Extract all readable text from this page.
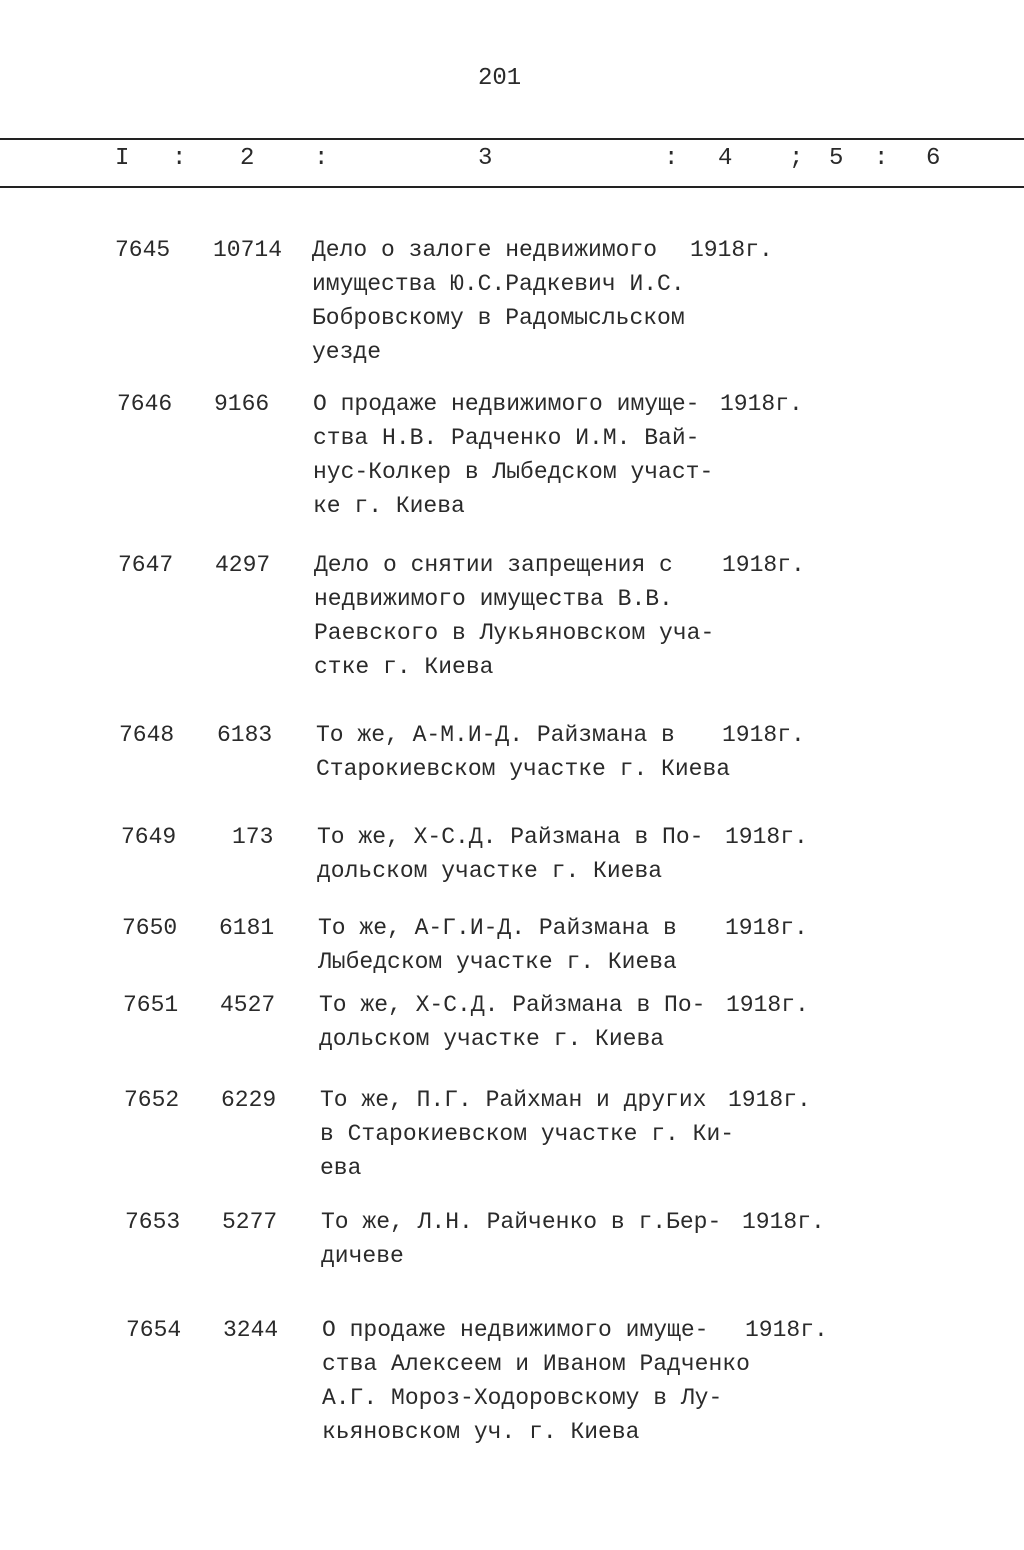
201
I : 2 :	3	: 4 ; 5 : 6
7645 10714 Дело о залоге недвижимого
имущества Ю.С.Радкевич И.С.
Бобровскому в Радомысльском
уезде
1918г.
7646 9166 О продаже недвижимого имуще-
ства Н.В. Радченко И.М. Вай-
нус-Колкер в Лыбедском участ-
ке г. Киева
1918г.
7647 4297 Дело о снятии запрещения с
недвижимого имущества В.В.
Раевского в Лукьяновском уча-
стке г. Киева
1918г.
7648 6183 То же, А-М.И-Д. Райзмана в
Старокиевском участке г. Киева
1918г.
7649 173 То же, Х-С.Д. Райзмана в По-
дольском участке г. Киева
1918г.
7650 6181 То же, А-Г.И-Д. Райзмана в
Лыбедском участке г. Киева
1918г.
7651 4527 То же, Х-С.Д. Райзмана в По-
дольском участке г. Киева
1918г.
7652 6229 То же, П.Г. Райхман и других
в Старокиевском участке г. Ки-
ева
1918г.
7653 5277 То же, Л.Н. Райченко в г.Бер-
дичеве
1918г.
7654 3244 О продаже недвижимого имуще-
ства Алексеем и Иваном Радченко
А.Г. Мороз-Ходоровскому в Лу-
кьяновском уч. г. Киева
1918г.
